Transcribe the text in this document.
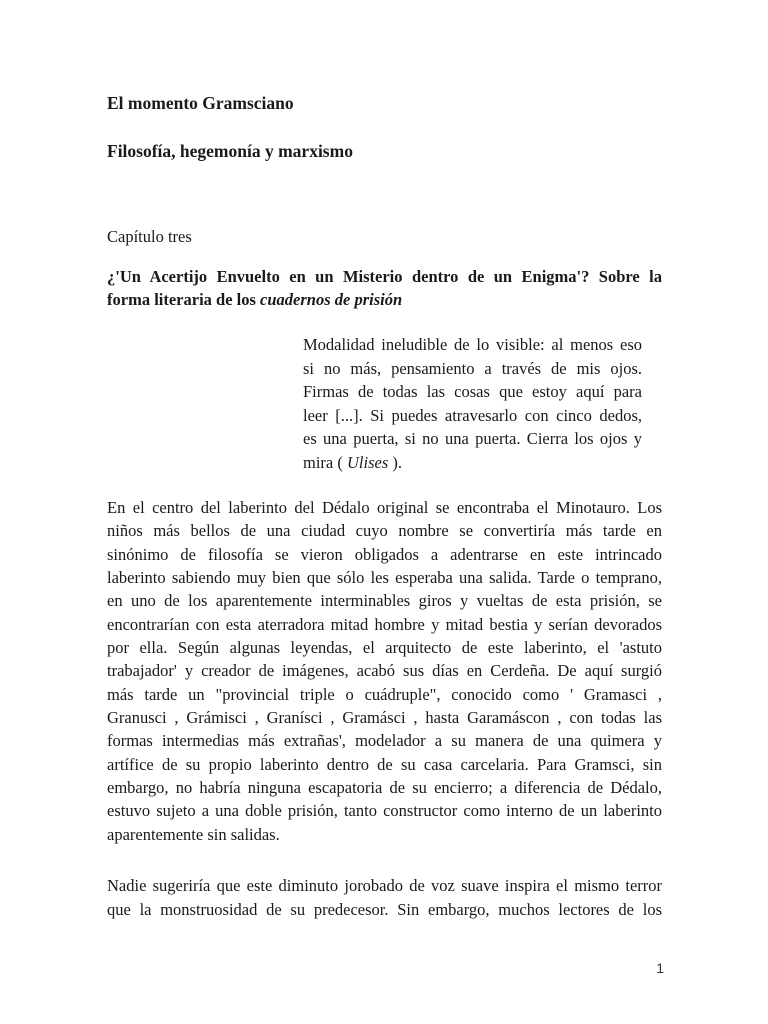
El momento Gramsciano
Filosofía, hegemonía y marxismo

Capítulo tres

¿'Un Acertijo Envuelto en un Misterio dentro de un Enigma'? Sobre la
forma literaria de los cuadernos de prisión
Modalidad ineludible de lo visible: al menos eso
si no más, pensamiento a través de mis ojos.
Firmas de todas las cosas que estoy aquí para
leer [...]. Si puedes atravesarlo con cinco dedos,
es una puerta, si no una puerta. Cierra los ojos y
mira ( Ulises ).
En el centro del laberinto del Dédalo original se encontraba el Minotauro. Los
niños más bellos de una ciudad cuyo nombre se convertiría más tarde en
sinónimo de filosofía se vieron obligados a adentrarse en este intrincado
laberinto sabiendo muy bien que sólo les esperaba una salida. Tarde o temprano,
en uno de los aparentemente interminables giros y vueltas de esta prisión, se
encontrarían con esta aterradora mitad hombre y mitad bestia y serían devorados
por ella. Según algunas leyendas, el arquitecto de este laberinto, el 'astuto
trabajador' y creador de imágenes, acabó sus días en Cerdeña. De aquí surgió
más tarde un "provincial triple o cuádruple", conocido como ' Gramasci ,
Granusci , Grámisci , Granísci , Gramásci , hasta Garamáscon , con todas las
formas intermedias más extrañas', modelador a su manera de una quimera y
artífice de su propio laberinto dentro de su casa carcelaria. Para Gramsci, sin
embargo, no habría ninguna escapatoria de su encierro; a diferencia de Dédalo,
estuvo sujeto a una doble prisión, tanto constructor como interno de un laberinto
aparentemente sin salidas.
Nadie sugeriría que este diminuto jorobado de voz suave inspira el mismo terror
que la monstruosidad de su predecesor. Sin embargo, muchos lectores de los
1
